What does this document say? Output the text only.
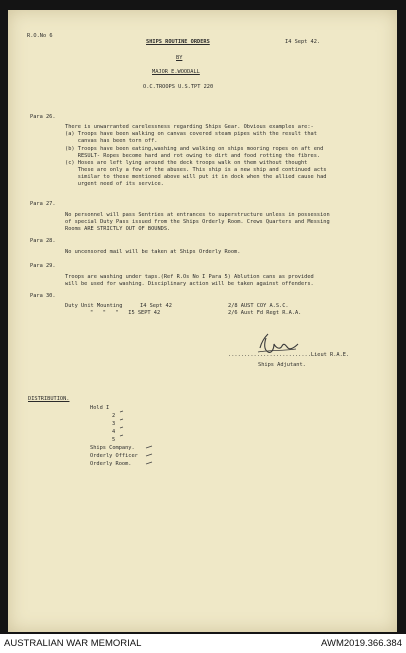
R.O.No 6
SHIPS ROUTINE ORDERS	I4 Sept 42.
BY
MAJOR E.WOODALL
O.C.TROOPS U.S.TPT 220
Para 26.
There is unwarranted carelessness regarding Ships Gear. Obvious examples are:-
(a) Troops have been walking on canvas covered steam pipes with the result that
canvas has been torn off.
(b) Troops have been eating,washing and walking on ships mooring ropes on aft end
RESULT- Ropes become hard and rot owing to dirt and food rotting the fibres.
(c) Hoses are left lying around the deck troops walk on them without thought
These are only a few of the abuses. This ship is a new ship and continued acts
similar to these mentioned above will put it in dock when the allied cause had
urgent need of its service.
Para 27.
No personnel will pass Sentries at entrances to superstructure unless in possession
of special Duty Pass issued from the Ships Orderly Room. Crews Quarters and Messing
Rooms ARE STRICTLY OUT OF BOUNDS.
Para 28.
No uncensored mail will be taken at Ships Orderly Room.
Para 29.
Troops are washing under taps.(Ref R.Os No I Para 5) Ablution cans as provided
will be used for washing. Disciplinary action will be taken against offenders.
Para 30.
Duty Unit Mounting	I4 Sept 42	2/8 AUST COY A.S.C.
"   "   "   I5 SEPT 42	2/6 Aust Fd Regt R.A.A.
..........................Lieut R.A.E.
Ships Adjutant.
DISTRIBUTION.
Hold I
2
3
4
5
Ships Company.
Orderly Officer
Orderly Room.
AUSTRALIAN WAR MEMORIAL	AWM2019.366.384
